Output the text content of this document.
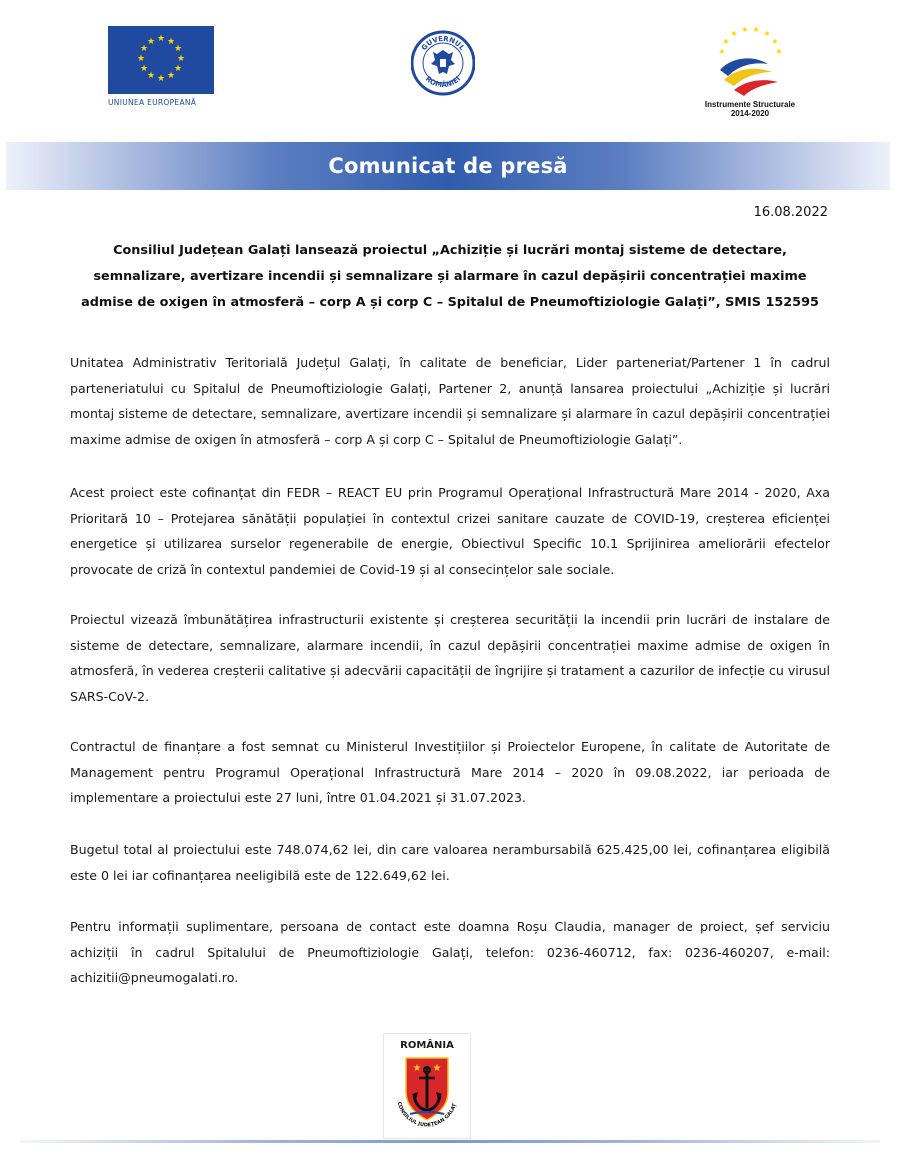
★ ★
★
★
★
★
★
★
★
★
★
★
UNIUNEA EUROPEANĂ
GUVERNUL
ROMÂNIEI
★
★
★ ★ ★ ★
★
★
Instrumente Structurale
2014-2020
Comunicat de presă
16.08.2022
Consiliul Județean Galați lansează proiectul „Achiziție și lucrări montaj sisteme de detectare, semnalizare, avertizare incendii și semnalizare și alarmare în cazul depășirii concentrației maxime admise de oxigen în atmosferă – corp A și corp C – Spitalul de Pneumoftiziologie Galați”, SMIS 152595

Unitatea Administrativ Teritorială Județul Galați, în calitate de beneficiar, Lider parteneriat/Partener 1 în cadrul parteneriatului cu Spitalul de Pneumoftiziologie Galați, Partener 2, anunță lansarea proiectului „Achiziție și lucrări montaj sisteme de detectare, semnalizare, avertizare incendii și semnalizare și alarmare în cazul depășirii concentrației maxime admise de oxigen în atmosferă – corp A și corp C – Spitalul de Pneumoftiziologie Galați”.

Acest proiect este cofinanțat din FEDR – REACT EU prin Programul Operațional Infrastructură Mare 2014 - 2020, Axa Prioritară 10 – Protejarea sănătății populației în contextul crizei sanitare cauzate de COVID-19, creșterea eficienței energetice și utilizarea surselor regenerabile de energie, Obiectivul Specific 10.1 Sprijinirea ameliorării efectelor provocate de criză în contextul pandemiei de Covid-19 și al consecințelor sale sociale.

Proiectul vizează îmbunătățirea infrastructurii existente și creșterea securității la incendii prin lucrări de instalare de sisteme de detectare, semnalizare, alarmare incendii, în cazul depășirii concentrației maxime admise de oxigen în atmosferă, în vederea creșterii calitative și adecvării capacității de îngrijire și tratament a cazurilor de infecție cu virusul SARS-CoV-2.

Contractul de finanțare a fost semnat cu Ministerul Investițiilor și Proiectelor Europene, în calitate de Autoritate de Management pentru Programul Operațional Infrastructură Mare 2014 – 2020 în 09.08.2022, iar perioada de implementare a proiectului este 27 luni, între 01.04.2021 și 31.07.2023.

Bugetul total al proiectului este 748.074,62 lei, din care valoarea nerambursabilă 625.425,00 lei, cofinanțarea eligibilă este 0 lei iar cofinanțarea neeligibilă este de 122.649,62 lei.

Pentru informații suplimentare, persoana de contact este doamna Roșu Claudia, manager de proiect, șef serviciu achiziții în cadrul Spitalului de Pneumoftiziologie Galați, telefon: 0236-460712, fax: 0236-460207, e-mail: achizitii@pneumogalati.ro.

ROMÂNIA
★ ★
CONSILIUL JUDEȚEAN GALAȚ
